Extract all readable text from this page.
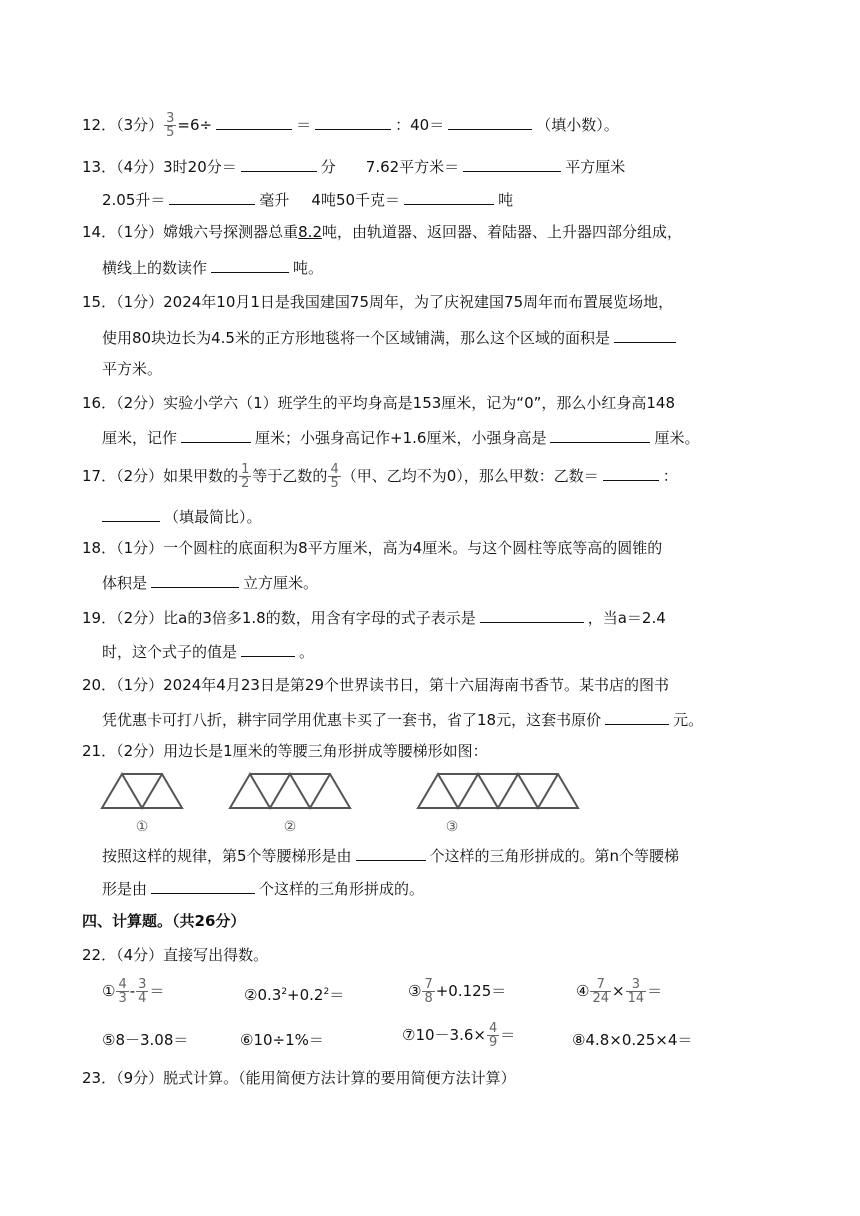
12．（3分） $\frac{3}{5} =6\div$	＝	：40＝	（填小数）。
13．（4分）3时20分＝	分 7.62平方米＝	平方厘米
2.05升＝	毫升 4吨50千克＝	吨
14．（1分）嫦娥六号探测器总重8.2吨，由轨道器、返回器、着陆器、上升器四部分组成，
横线上的数读作	吨。
15．（1分）2024年10月1日是我国建国75周年，为了庆祝建国75周年而布置展览场地，
使用80块边长为4.5米的正方形地毯将一个区域铺满，那么这个区域的面积是
平方米。
16．（2分）实验小学六（1）班学生的平均身高是153厘米，记为“0”，那么小红身高148
厘米，记作	厘米；小强身高记作+1.6厘米，小强身高是	厘米。
17．（2分）如果甲数的 $\frac{1}{2}$ 等于乙数的 $\frac{4}{5}$ （甲、乙均不为0），那么甲数：乙数＝	：
（填最简比）。
18．（1分）一个圆柱的底面积为8平方厘米，高为4厘米。与这个圆柱等底等高的圆锥的
体积是	立方厘米。
19．（2分）比a的3倍多1.8的数，用含有字母的式子表示是	，当a＝2.4
时，这个式子的值是	。
20．（1分）2024年4月23日是第29个世界读书日，第十六届海南书香节。某书店的图书
凭优惠卡可打八折，耕宇同学用优惠卡买了一套书，省了18元，这套书原价	元。
21．（2分）用边长是1厘米的等腰三角形拼成等腰梯形如图：
①	②	③
按照这样的规律，第5个等腰梯形是由	个这样的三角形拼成的。第n个等腰梯
形是由	个这样的三角形拼成的。
四、计算题。（共26分）
22．（4分）直接写出得数。
① $\frac{4}{3} - \frac{3}{4}$ ＝	$②0.3^2+0.2^2=$	③ $\frac{7}{8} +0.125=$	④ $\frac{7}{24} \times \frac{3}{14}$ ＝
⑤8－3.08＝	⑥10÷1%＝	⑦10－3.6× $\frac{4}{9}$ ＝	⑧4.8×0.25×4＝
23．（9分）脱式计算。（能用简便方法计算的要用简便方法计算）
